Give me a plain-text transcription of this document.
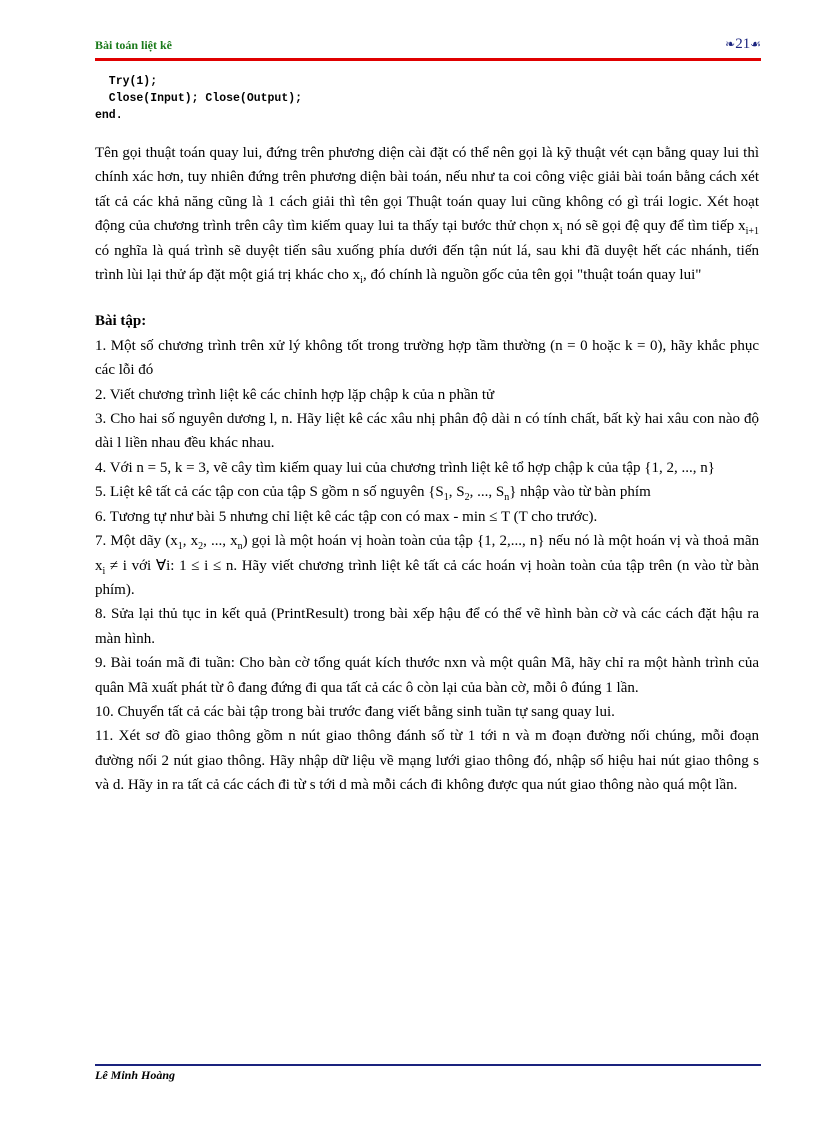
Bài toán liệt kê	❧21☙
Try(1);
Close(Input); Close(Output);
end.

Tên gọi thuật toán quay lui, đứng trên phương diện cài đặt có thể nên gọi là kỹ thuật vét cạn bằng quay lui thì chính xác hơn, tuy nhiên đứng trên phương diện bài toán, nếu như ta coi công việc giải bài toán bằng cách xét tất cả các khả năng cũng là 1 cách giải thì tên gọi Thuật toán quay lui cũng không có gì trái logic. Xét hoạt động của chương trình trên cây tìm kiếm quay lui ta thấy tại bước thử chọn $x_i$ nó sẽ gọi đệ quy để tìm tiếp $x_{i+1}$ có nghĩa là quá trình sẽ duyệt tiến sâu xuống phía dưới đến tận nút lá, sau khi đã duyệt hết các nhánh, tiến trình lùi lại thử áp đặt một giá trị khác cho $x_i$, đó chính là nguồn gốc của tên gọi "thuật toán quay lui"

Bài tập:

1. Một số chương trình trên xử lý không tốt trong trường hợp tầm thường (n = 0 hoặc k = 0), hãy khắc phục các lỗi đó
2. Viết chương trình liệt kê các chỉnh hợp lặp chập k của n phần tử
3. Cho hai số nguyên dương l, n. Hãy liệt kê các xâu nhị phân độ dài n có tính chất, bất kỳ hai xâu con nào độ dài l liền nhau đều khác nhau.
4. Với n = 5, k = 3, vẽ cây tìm kiếm quay lui của chương trình liệt kê tổ hợp chập k của tập {1, 2, ..., n}
5. Liệt kê tất cả các tập con của tập S gồm n số nguyên {$S_1$, $S_2$, ..., $S_n$} nhập vào từ bàn phím
6. Tương tự như bài 5 nhưng chỉ liệt kê các tập con có max - min ≤ T (T cho trước).
7. Một dãy ($x_1$, $x_2$, ..., $x_n$) gọi là một hoán vị hoàn toàn của tập {1, 2,..., n} nếu nó là một hoán vị và thoả mãn $x_i \ne i$ với ∀i: 1 ≤ i ≤ n. Hãy viết chương trình liệt kê tất cả các hoán vị hoàn toàn của tập trên (n vào từ bàn phím).
8. Sửa lại thủ tục in kết quả (PrintResult) trong bài xếp hậu để có thể vẽ hình bàn cờ và các cách đặt hậu ra màn hình.
9. Bài toán mã đi tuần: Cho bàn cờ tổng quát kích thước nxn và một quân Mã, hãy chỉ ra một hành trình của quân Mã xuất phát từ ô đang đứng đi qua tất cả các ô còn lại của bàn cờ, mỗi ô đúng 1 lần.
10. Chuyển tất cả các bài tập trong bài trước đang viết bằng sinh tuần tự sang quay lui.
11. Xét sơ đồ giao thông gồm n nút giao thông đánh số từ 1 tới n và m đoạn đường nối chúng, mỗi đoạn đường nối 2 nút giao thông. Hãy nhập dữ liệu về mạng lưới giao thông đó, nhập số hiệu hai nút giao thông s và d. Hãy in ra tất cả các cách đi từ s tới d mà mỗi cách đi không được qua nút giao thông nào quá một lần.
Lê Minh Hoàng
